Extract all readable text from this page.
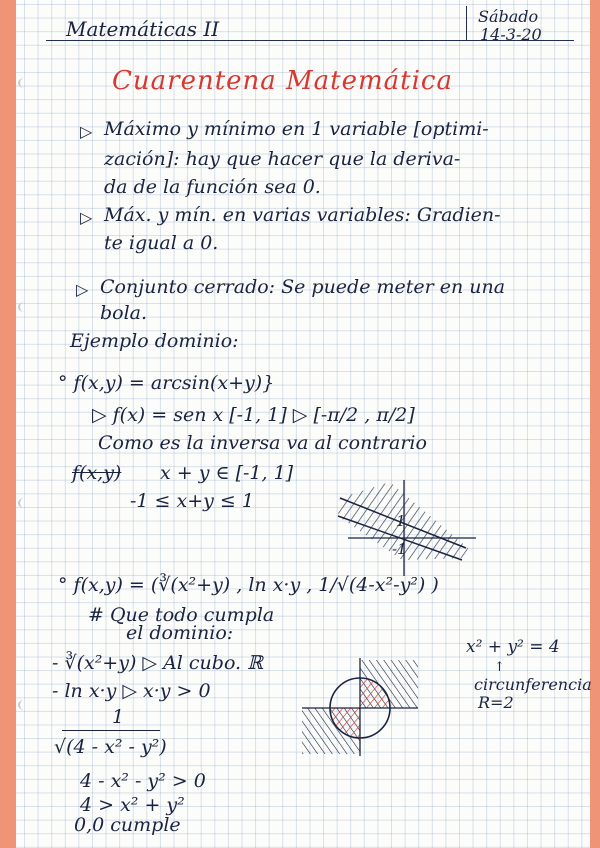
Matemáticas II
Sábado
14-3-20
Cuarentena Matemática
▷ Máximo y mínimo en 1 variable [optimi-
zación]: hay que hacer que la deriva-
da de la función sea 0.
▷ Máx. y mín. en varias variables: Gradien-
te igual a 0.
▷ Conjunto cerrado: Se puede meter en una
bola.
Ejemplo dominio:
° f(x,y) = arcsin(x+y)}
▷ f(x) = sen x [-1, 1] ▷ [-π/2 , π/2]
Como es la inversa va al contrario
f(x,y) x + y ∈ [-1, 1]
-1 ≤ x+y ≤ 1
1
-1
° f(x,y) = (∛(x²+y) , ln x·y , 1/√(4-x²-y²) )
# Que todo cumpla
el dominio:
- ∛(x²+y) ▷ Al cubo. ℝ
- ln x·y ▷ x·y > 0
1
√(4 - x² - y²)
4 - x² - y² > 0
4 > x² + y²
0,0 cumple
x² + y² = 4
↑
circunferencia
R=2
